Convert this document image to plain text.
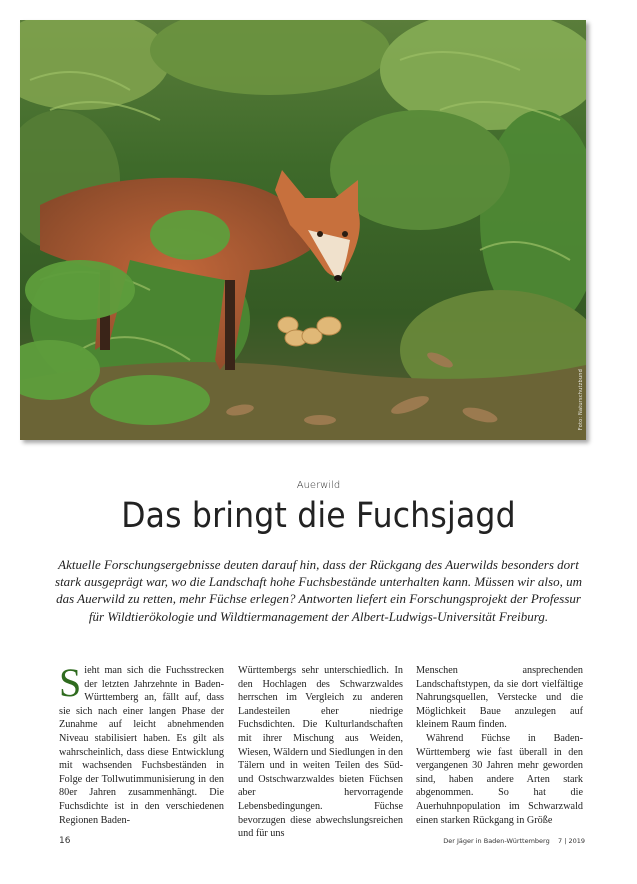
Foto: Naturschutzbund
Auerwild
Das bringt die Fuchsjagd

Aktuelle Forschungsergebnisse deuten darauf hin, dass der Rückgang des Auerwilds besonders dort stark ausgeprägt war, wo die Landschaft hohe Fuchsbestände unterhalten kann. Müssen wir also, um das Auerwild zu retten, mehr Füchse erlegen? Antworten liefert ein Forschungsprojekt der Professur für Wildtierökologie und Wildtiermanagement der Albert-Ludwigs-Universität Freiburg.

Sieht man sich die Fuchsstrecken der letzten Jahrzehnte in Baden-Württemberg an, fällt auf, dass sie sich nach einer langen Phase der Zunahme auf leicht abnehmenden Niveau stabilisiert haben. Es gilt als wahrscheinlich, dass diese Entwicklung mit wachsenden Fuchsbeständen in Folge der Tollwutimmunisierung in den 80er Jahren zusammenhängt. Die Fuchsdichte ist in den verschiedenen Regionen Baden-
Württembergs sehr unterschiedlich. In den Hochlagen des Schwarzwaldes herrschen im Vergleich zu anderen Landesteilen eher niedrige Fuchsdichten. Die Kulturlandschaften mit ihrer Mischung aus Weiden, Wiesen, Wäldern und Siedlungen in den Tälern und in weiten Teilen des Süd- und Ostschwarzwaldes bieten Füchsen aber hervorragende Lebensbedingungen. Füchse bevorzugen diese abwechslungsreichen und für uns

Menschen ansprechenden Landschaftstypen, da sie dort vielfältige Nahrungsquellen, Verstecke und die Möglichkeit Baue anzulegen auf kleinem Raum finden.

Während Füchse in Baden-Württemberg wie fast überall in den vergangenen 30 Jahren mehr geworden sind, haben andere Arten stark abgenommen. So hat die Auerhuhnpopulation im Schwarzwald einen starken Rückgang in Größe

16	Der Jäger in Baden-Württemberg 7 | 2019
